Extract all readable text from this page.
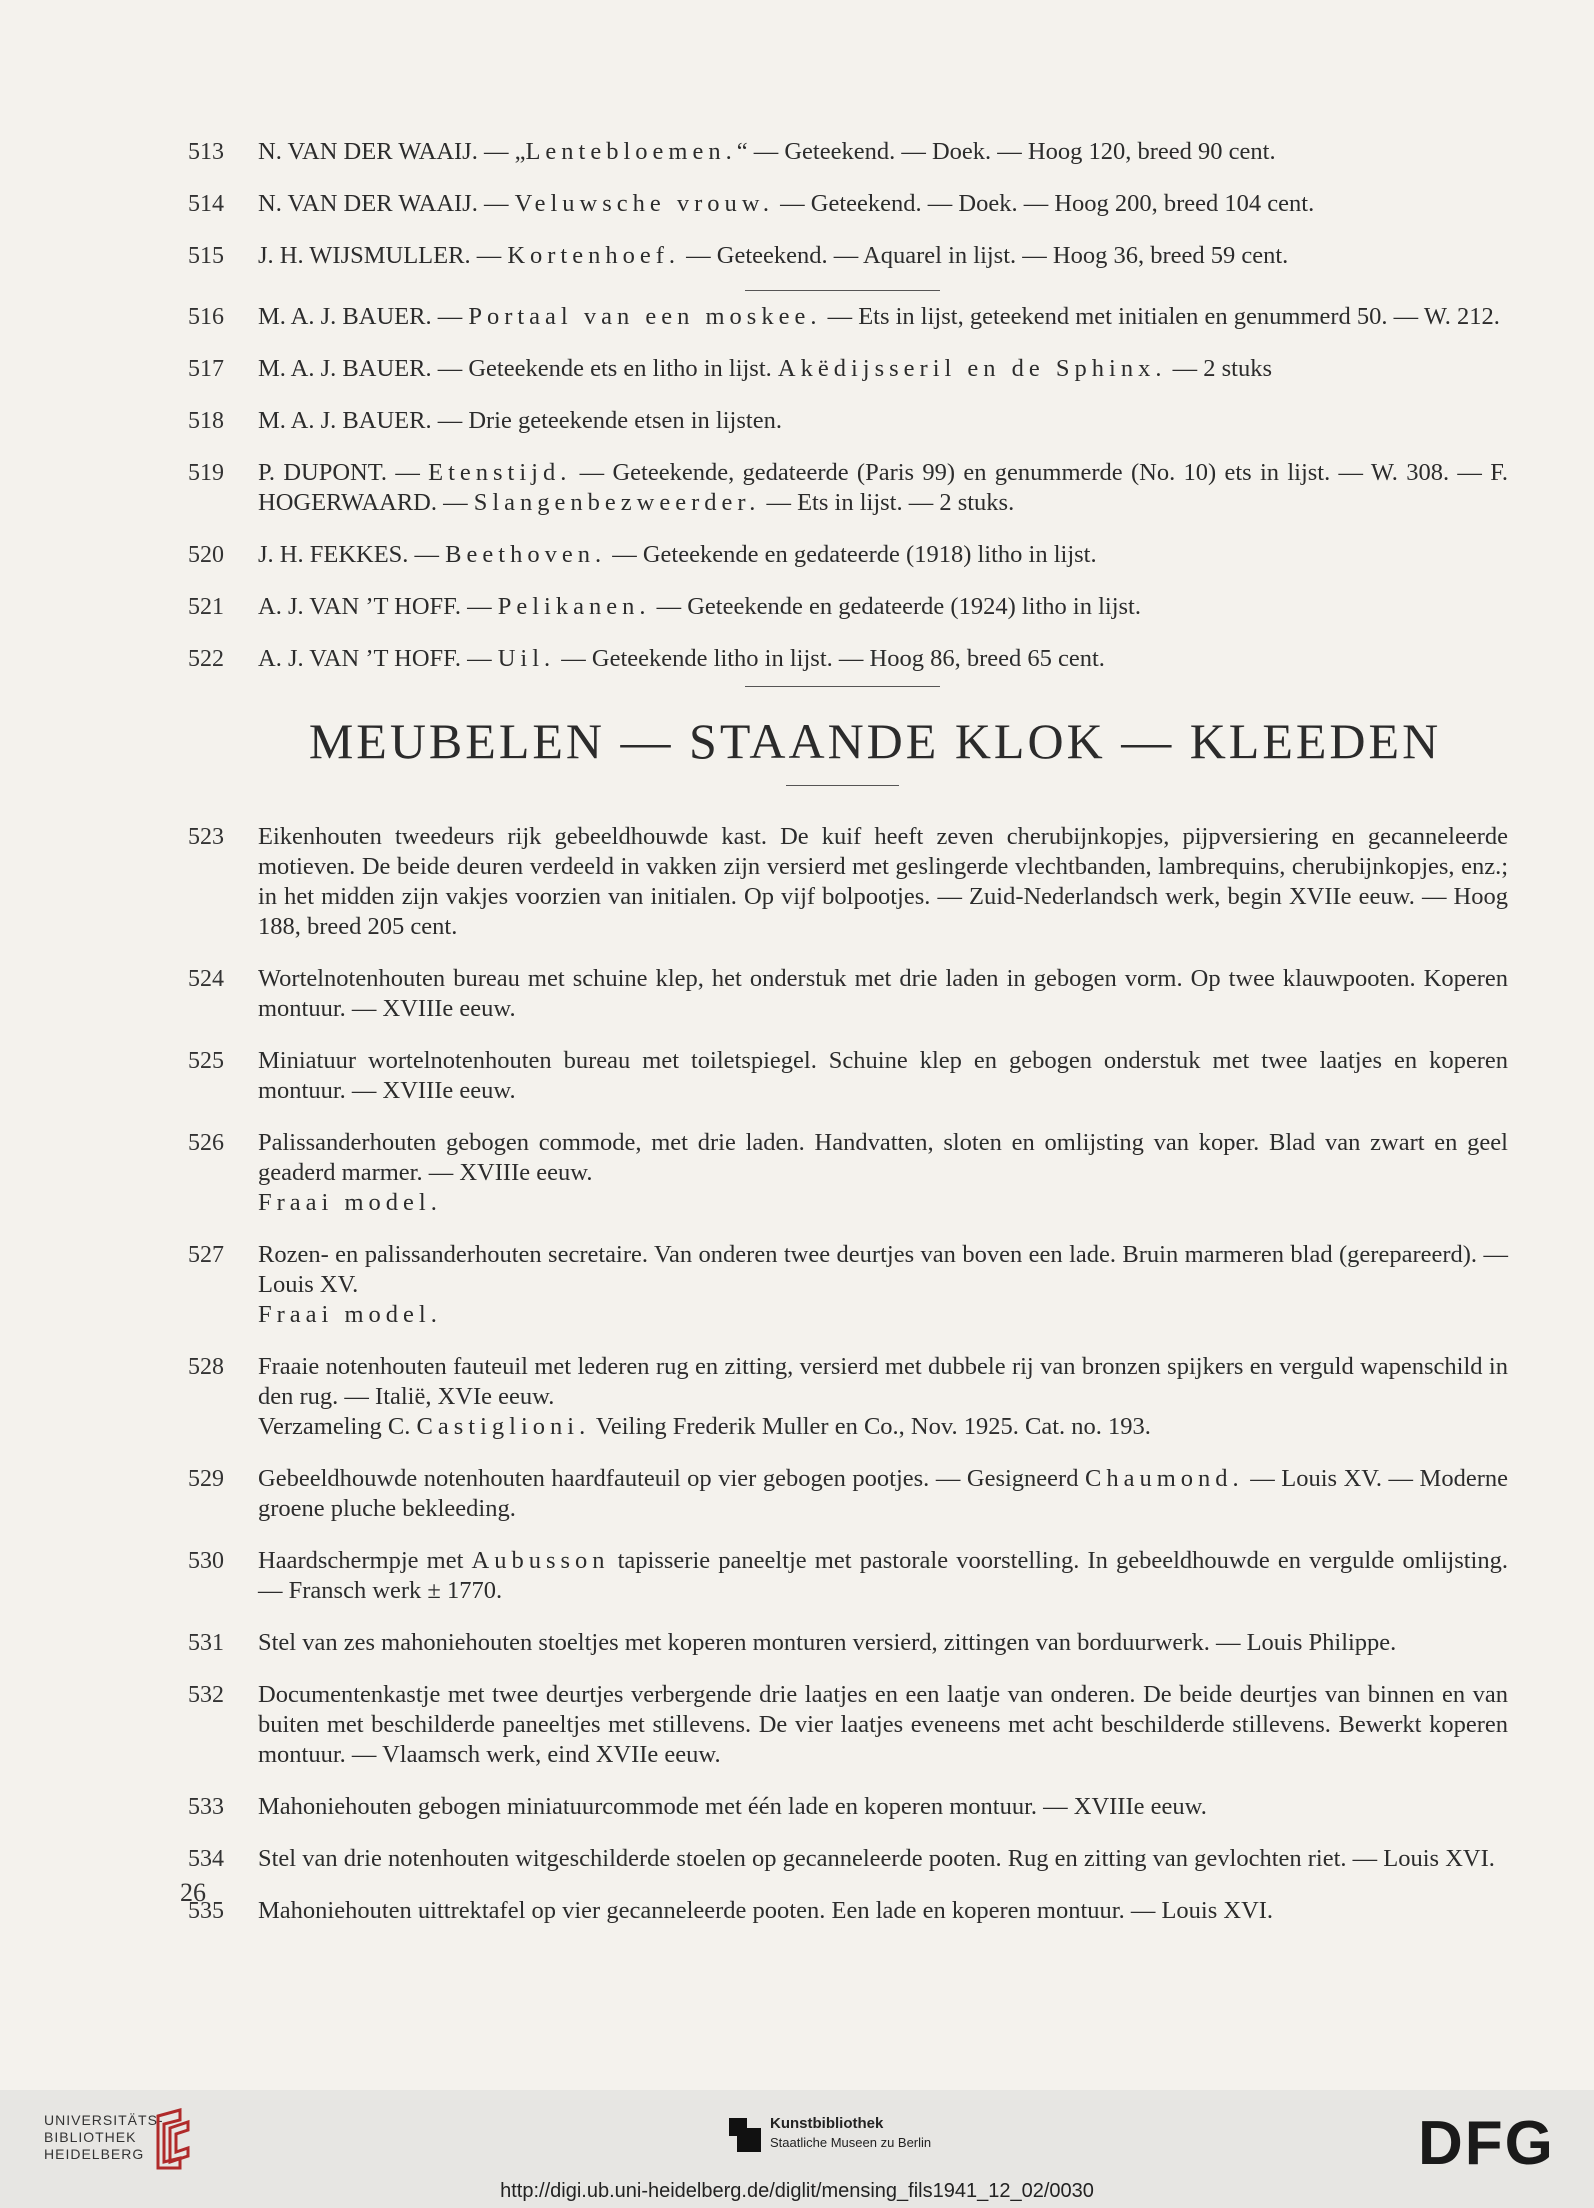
513	N. VAN DER WAAIJ. — „Lentebloemen.“ — Geteekend. — Doek. — Hoog 120, breed 90 cent.
514	N. VAN DER WAAIJ. — Veluwsche vrouw. — Geteekend. — Doek. — Hoog 200, breed 104 cent.
515	J. H. WIJSMULLER. — Kortenhoef. — Geteekend. — Aquarel in lijst. — Hoog 36, breed 59 cent.
516	M. A. J. BAUER. — Portaal van een moskee. — Ets in lijst, geteekend met initialen en genummerd 50. — W. 212.
517	M. A. J. BAUER. — Geteekende ets en litho in lijst. Akëdijsseril en de Sphinx. — 2 stuks
518	M. A. J. BAUER. — Drie geteekende etsen in lijsten.
519	P. DUPONT. — Etenstijd. — Geteekende, gedateerde (Paris 99) en genummerde (No. 10) ets in lijst. — W. 308. — F. HOGERWAARD. — Slangenbezweerder. — Ets in lijst. — 2 stuks.
520	J. H. FEKKES. — Beethoven. — Geteekende en gedateerde (1918) litho in lijst.
521	A. J. VAN ’T HOFF. — Pelikanen. — Geteekende en gedateerde (1924) litho in lijst.
522	A. J. VAN ’T HOFF. — Uil. — Geteekende litho in lijst. — Hoog 86, breed 65 cent.
MEUBELEN — STAANDE KLOK — KLEEDEN
523	Eikenhouten tweedeurs rijk gebeeldhouwde kast. De kuif heeft zeven cherubijnkopjes, pijpversiering en gecanneleerde motieven. De beide deuren verdeeld in vakken zijn versierd met geslingerde vlechtbanden, lambrequins, cherubijnkopjes, enz.; in het midden zijn vakjes voorzien van initialen. Op vijf bolpootjes. — Zuid-Nederlandsch werk, begin XVIIe eeuw. — Hoog 188, breed 205 cent.
524	Wortelnotenhouten bureau met schuine klep, het onderstuk met drie laden in gebogen vorm. Op twee klauwpooten. Koperen montuur. — XVIIIe eeuw.
525	Miniatuur wortelnotenhouten bureau met toiletspiegel. Schuine klep en gebogen onderstuk met twee laatjes en koperen montuur. — XVIIIe eeuw.
526	Palissanderhouten gebogen commode, met drie laden. Handvatten, sloten en omlijsting van koper. Blad van zwart en geel geaderd marmer. — XVIIIe eeuw.
Fraai model.
527	Rozen- en palissanderhouten secretaire. Van onderen twee deurtjes van boven een lade. Bruin marmeren blad (gerepareerd). — Louis XV.
Fraai model.
528	Fraaie notenhouten fauteuil met lederen rug en zitting, versierd met dubbele rij van bronzen spijkers en verguld wapenschild in den rug. — Italië, XVIe eeuw.
Verzameling C. Castiglioni. Veiling Frederik Muller en Co., Nov. 1925. Cat. no. 193.
529	Gebeeldhouwde notenhouten haardfauteuil op vier gebogen pootjes. — Gesigneerd Chaumond. — Louis XV. — Moderne groene pluche bekleeding.
530	Haardschermpje met Aubusson tapisserie paneeltje met pastorale voorstelling. In gebeeldhouwde en vergulde omlijsting. — Fransch werk ± 1770.
531	Stel van zes mahoniehouten stoeltjes met koperen monturen versierd, zittingen van borduurwerk. — Louis Philippe.
532	Documentenkastje met twee deurtjes verbergende drie laatjes en een laatje van onderen. De beide deurtjes van binnen en van buiten met beschilderde paneeltjes met stillevens. De vier laatjes eveneens met acht beschilderde stillevens. Bewerkt koperen montuur. — Vlaamsch werk, eind XVIIe eeuw.
533	Mahoniehouten gebogen miniatuurcommode met één lade en koperen montuur. — XVIIIe eeuw.
534	Stel van drie notenhouten witgeschilderde stoelen op gecanneleerde pooten. Rug en zitting van gevlochten riet. — Louis XVI.
535	Mahoniehouten uittrektafel op vier gecanneleerde pooten. Een lade en koperen montuur. — Louis XVI.
26
UNIVERSITÄTS-
BIBLIOTHEK
HEIDELBERG
Kunstbibliothek
Staatliche Museen zu Berlin	DFG
http://digi.ub.uni-heidelberg.de/diglit/mensing_fils1941_12_02/0030
